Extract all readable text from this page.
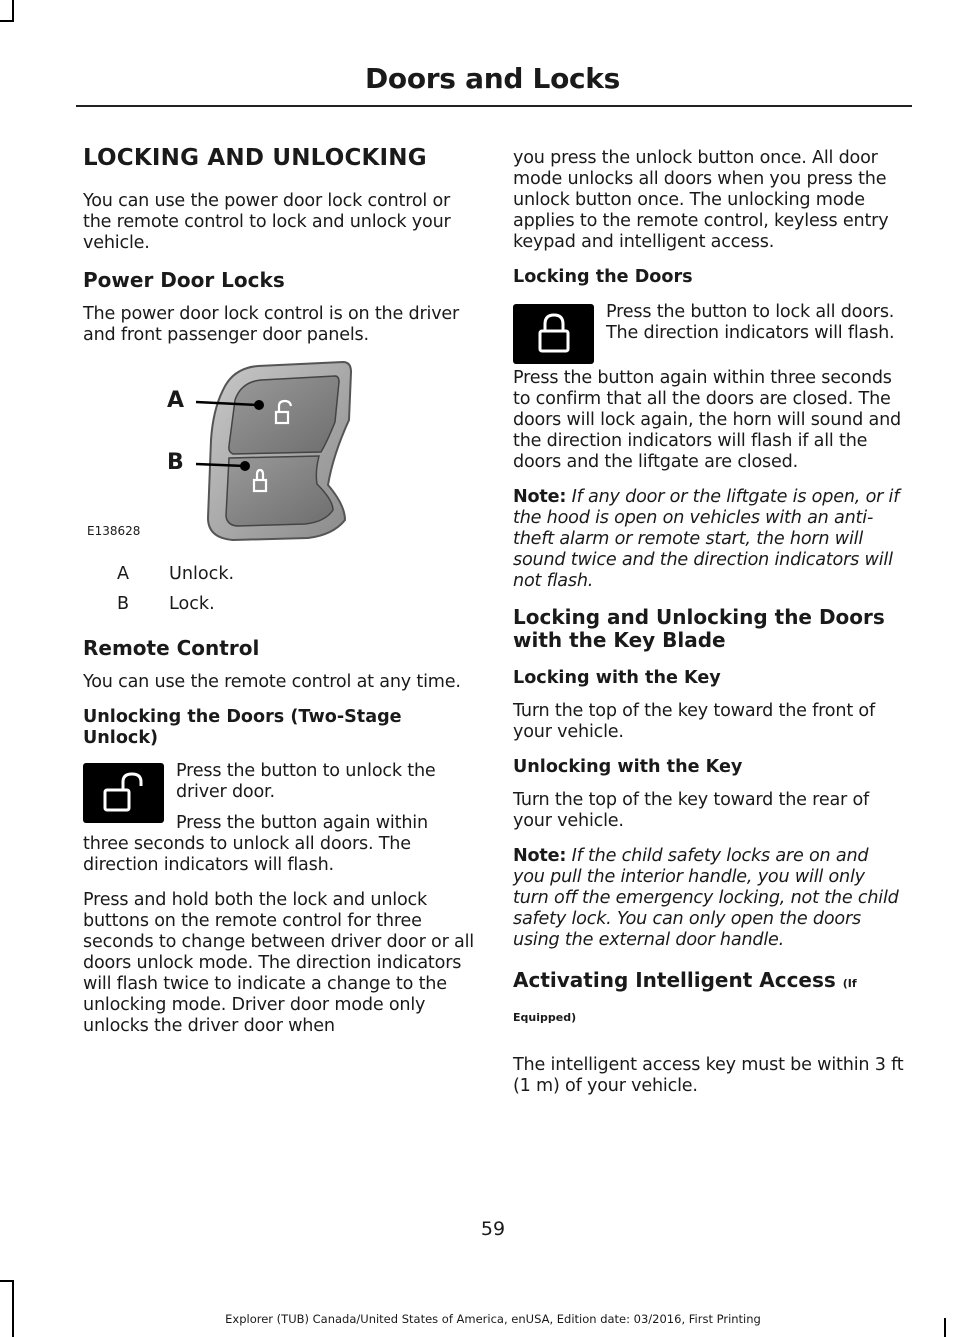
Doors and Locks
LOCKING AND UNLOCKING

You can use the power door lock control or the remote control to lock and unlock your vehicle.

Power Door Locks

The power door lock control is on the driver and front passenger door panels.

A
B
E138628
A	Unlock.
B	Lock.
Remote Control

You can use the remote control at any time.

Unlocking the Doors (Two-Stage Unlock)

Press the button to unlock the driver door.

Press the button again within three seconds to unlock all doors. The direction indicators will flash.

Press and hold both the lock and unlock buttons on the remote control for three seconds to change between driver door or all doors unlock mode. The direction indicators will flash twice to indicate a change to the unlocking mode. Driver door mode only unlocks the driver door when

you press the unlock button once. All door mode unlocks all doors when you press the unlock button once. The unlocking mode applies to the remote control, keyless entry keypad and intelligent access.

Locking the Doors

Press the button to lock all doors. The direction indicators will flash.

Press the button again within three seconds to confirm that all the doors are closed. The doors will lock again, the horn will sound and the direction indicators will flash if all the doors and the liftgate are closed.

Note: If any door or the liftgate is open, or if the hood is open on vehicles with an anti-theft alarm or remote start, the horn will sound twice and the direction indicators will not flash.

Locking and Unlocking the Doors with the Key Blade
Locking with the Key

Turn the top of the key toward the front of your vehicle.

Unlocking with the Key

Turn the top of the key toward the rear of your vehicle.

Note: If the child safety locks are on and you pull the interior handle, you will only turn off the emergency locking, not the child safety lock. You can only open the doors using the external door handle.

Activating Intelligent Access (If Equipped)

The intelligent access key must be within 3 ft (1 m) of your vehicle.

59
Explorer (TUB) Canada/United States of America, enUSA, Edition date: 03/2016, First Printing
